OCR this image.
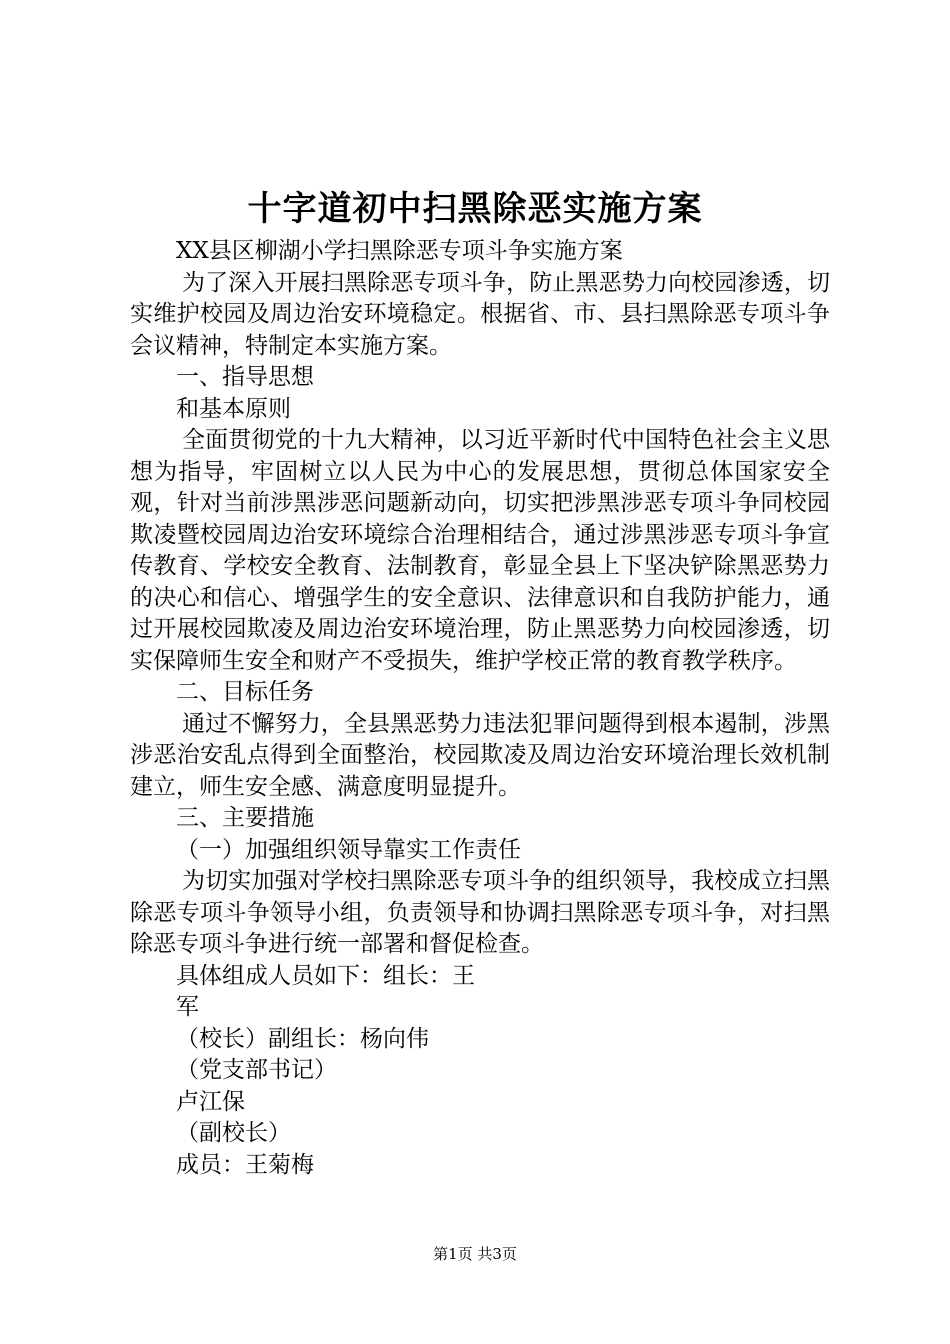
十字道初中扫黑除恶实施方案

XX县区柳湖小学扫黑除恶专项斗争实施方案

为了深入开展扫黑除恶专项斗争，防止黑恶势力向校园渗透，切实维护校园及周边治安环境稳定。根据省、市、县扫黑除恶专项斗争会议精神，特制定本实施方案。

一、指导思想

和基本原则

全面贯彻党的十九大精神，以习近平新时代中国特色社会主义思想为指导，牢固树立以人民为中心的发展思想，贯彻总体国家安全观，针对当前涉黑涉恶问题新动向，切实把涉黑涉恶专项斗争同校园欺凌暨校园周边治安环境综合治理相结合，通过涉黑涉恶专项斗争宣传教育、学校安全教育、法制教育，彰显全县上下坚决铲除黑恶势力的决心和信心、增强学生的安全意识、法律意识和自我防护能力，通过开展校园欺凌及周边治安环境治理，防止黑恶势力向校园渗透，切实保障师生安全和财产不受损失，维护学校正常的教育教学秩序。

二、目标任务

通过不懈努力，全县黑恶势力违法犯罪问题得到根本遏制，涉黑涉恶治安乱点得到全面整治，校园欺凌及周边治安环境治理长效机制建立，师生安全感、满意度明显提升。

三、主要措施

（一）加强组织领导靠实工作责任

为切实加强对学校扫黑除恶专项斗争的组织领导，我校成立扫黑除恶专项斗争领导小组，负责领导和协调扫黑除恶专项斗争，对扫黑除恶专项斗争进行统一部署和督促检查。

具体组成人员如下：组长：王

军

（校长）副组长：杨向伟

（党支部书记）

卢江保

（副校长）

成员：王菊梅

第1页 共3页
